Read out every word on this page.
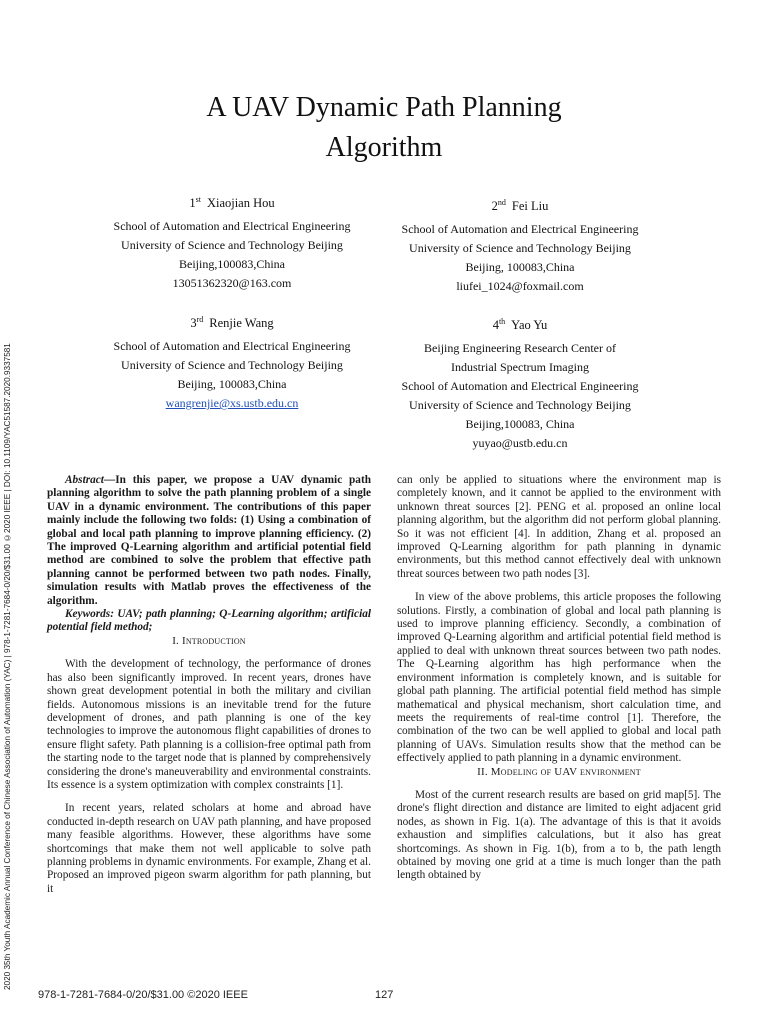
2020 35th Youth Academic Annual Conference of Chinese Association of Automation (YAC) | 978-1-7281-7684-0/20/$31.00 ©2020 IEEE | DOI: 10.1109/YAC51587.2020.9337581
A UAV Dynamic Path Planning
Algorithm
1st Xiaojian Hou
School of Automation and Electrical Engineering
University of Science and Technology Beijing
Beijing,100083,China
13051362320@163.com
2nd Fei Liu
School of Automation and Electrical Engineering
University of Science and Technology Beijing
Beijing, 100083,China
liufei_1024@foxmail.com
3rd Renjie Wang
School of Automation and Electrical Engineering
University of Science and Technology Beijing
Beijing, 100083,China
wangrenjie@xs.ustb.edu.cn
4th Yao Yu
Beijing Engineering Research Center of
Industrial Spectrum Imaging
School of Automation and Electrical Engineering
University of Science and Technology Beijing
Beijing,100083, China
yuyao@ustb.edu.cn

Abstract—In this paper, we propose a UAV dynamic path planning algorithm to solve the path planning problem of a single UAV in a dynamic environment. The contributions of this paper mainly include the following two folds: (1) Using a combination of global and local path planning to improve planning efficiency. (2) The improved Q-Learning algorithm and artificial potential field method are combined to solve the problem that effective path planning cannot be performed between two path nodes. Finally, simulation results with Matlab proves the effectiveness of the algorithm.

Keywords: UAV; path planning; Q-Learning algorithm; artificial potential field method;

I. Introduction

With the development of technology, the performance of drones has also been significantly improved. In recent years, drones have shown great development potential in both the military and civilian fields. Autonomous missions is an inevitable trend for the future development of drones, and path planning is one of the key technologies to improve the autonomous flight capabilities of drones to ensure flight safety. Path planning is a collision-free optimal path from the starting node to the target node that is planned by comprehensively considering the drone's maneuverability and environmental constraints. Its essence is a system optimization with complex constraints [1].

In recent years, related scholars at home and abroad have conducted in-depth research on UAV path planning, and have proposed many feasible algorithms. However, these algorithms have some shortcomings that make them not well applicable to solve path planning problems in dynamic environments. For example, Zhang et al. Proposed an improved pigeon swarm algorithm for path planning, but it

can only be applied to situations where the environment map is completely known, and it cannot be applied to the environment with unknown threat sources [2]. PENG et al. proposed an online local planning algorithm, but the algorithm did not perform global planning. So it was not efficient [4]. In addition, Zhang et al. proposed an improved Q-Learning algorithm for path planning in dynamic environments, but this method cannot effectively deal with unknown threat sources between two path nodes [3].

In view of the above problems, this article proposes the following solutions. Firstly, a combination of global and local path planning is used to improve planning efficiency. Secondly, a combination of improved Q-Learning algorithm and artificial potential field method is applied to deal with unknown threat sources between two path nodes. The Q-Learning algorithm has high performance when the environment information is completely known, and is suitable for global path planning. The artificial potential field method has simple mathematical and physical mechanism, short calculation time, and meets the requirements of real-time control [1]. Therefore, the combination of the two can be well applied to global and local path planning of UAVs. Simulation results show that the method can be effectively applied to path planning in a dynamic environment.

II. Modeling of UAV environment

Most of the current research results are based on grid map[5]. The drone's flight direction and distance are limited to eight adjacent grid nodes, as shown in Fig. 1(a). The advantage of this is that it avoids exhaustion and simplifies calculations, but it also has great shortcomings. As shown in Fig. 1(b), from a to b, the path length obtained by moving one grid at a time is much longer than the path length obtained by

978-1-7281-7684-0/20/$31.00 ©2020 IEEE	127
